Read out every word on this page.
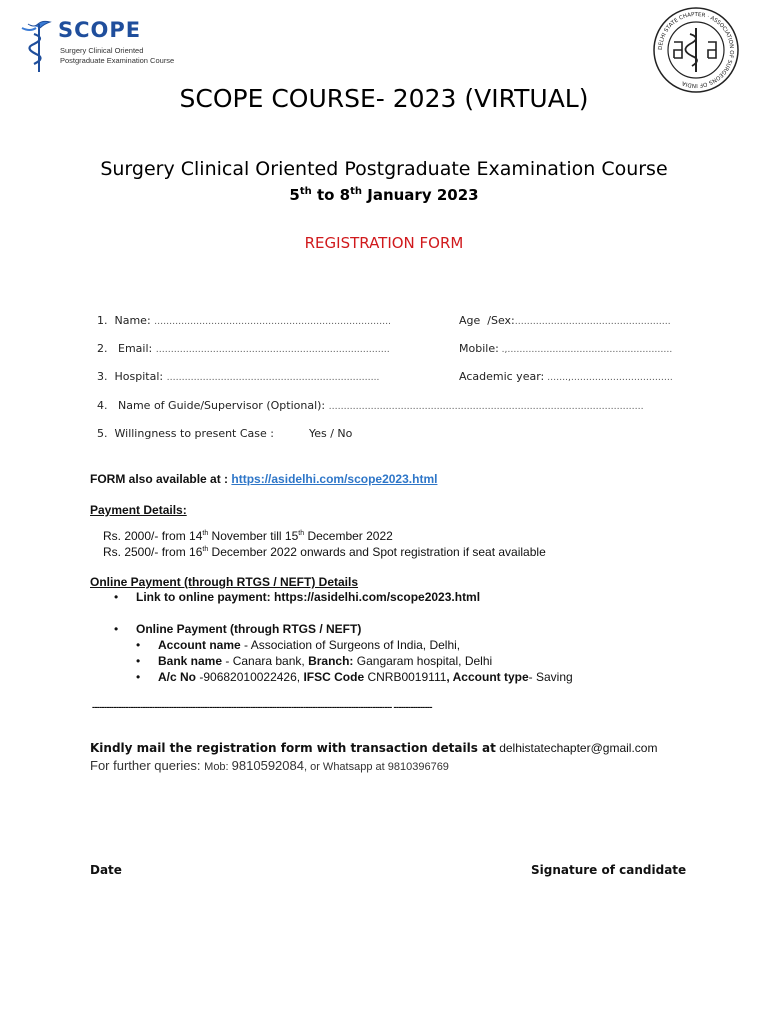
SCOPE
Surgery Clinical Oriented
Postgraduate Examination Course
DELHI STATE CHAPTER · ASSOCIATION OF SURGEONS OF INDIA
SCOPE COURSE- 2023 (VIRTUAL)
Surgery Clinical Oriented Postgraduate Examination Course
5th to 8th January 2023
REGISTRATION FORM

1. Name: …………………………………………………………………….	Age  /Sex:…………………………………………….

2. Email: ……………………………………………………………………	Mobile: .,……………………………………………….

3. Hospital: ……………………………………………………………..	Academic year: …….,…………………………….

4. Name of Guide/Supervisor (Optional): ……………………………………………………………………………………………

5. Willingness to present Case :	Yes / No

FORM also available at : https://asidelhi.com/scope2023.html
Payment Details:
Rs. 2000/- from 14th November till 15th December 2022
Rs. 2500/- from 16th December 2022 onwards and Spot registration if seat available
Online Payment (through RTGS / NEFT) Details
• Link to online payment: https://asidelhi.com/scope2023.html
• Online Payment (through RTGS / NEFT)
• Account name - Association of Surgeons of India, Delhi,
• Bank name - Canara bank, Branch: Gangaram hospital, Delhi
• A/c No -90682010022426, IFSC Code CNRB0019111, Account type- Saving
----------------------------------------------------------------------------------------------------------------------------- ----------------
Kindly mail the registration form with transaction details at delhistatechapter@gmail.com
For further queries: Mob: 9810592084, or Whatsapp at 9810396769
Date	Signature of candidate
